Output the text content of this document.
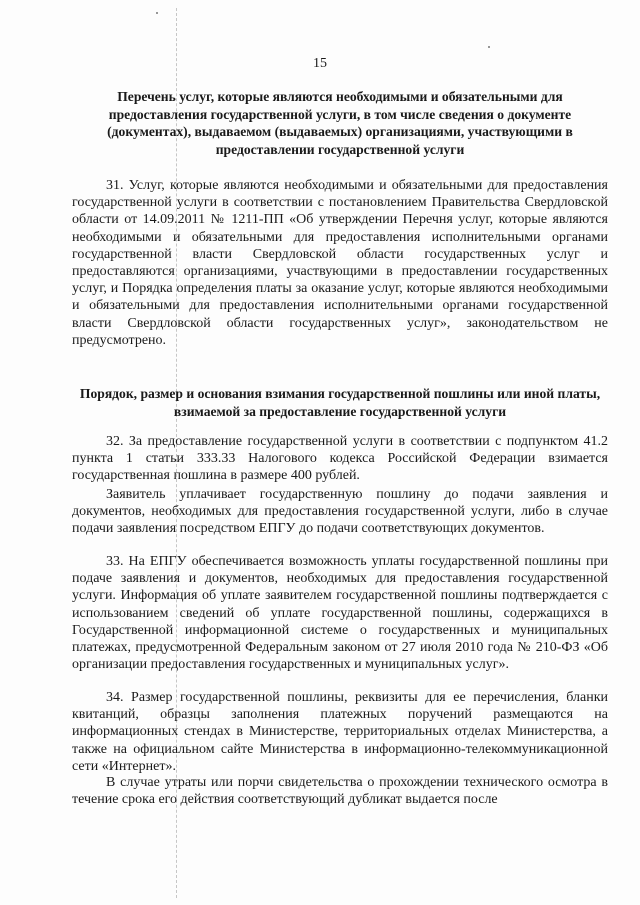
15
Перечень услуг, которые являются необходимыми и обязательными для предоставления государственной услуги, в том числе сведения о документе (документах), выдаваемом (выдаваемых) организациями, участвующими в предоставлении государственной услуги

31. Услуг, которые являются необходимыми и обязательными для предоставления государственной услуги в соответствии с постановлением Правительства Свердловской области от 14.09.2011 № 1211-ПП «Об утверждении Перечня услуг, которые являются необходимыми и обязательными для предоставления исполнительными органами государственной власти Свердловской области государственных услуг и предоставляются организациями, участвующими в предоставлении государственных услуг, и Порядка определения платы за оказание услуг, которые являются необходимыми и обязательными для предоставления исполнительными органами государственной власти Свердловской области государственных услуг», законодательством не предусмотрено.

Порядок, размер и основания взимания государственной пошлины или иной платы, взимаемой за предоставление государственной услуги

32. За предоставление государственной услуги в соответствии с подпунктом 41.2 пункта 1 статьи 333.33 Налогового кодекса Российской Федерации взимается государственная пошлина в размере 400 рублей.

Заявитель уплачивает государственную пошлину до подачи заявления и документов, необходимых для предоставления государственной услуги, либо в случае подачи заявления посредством ЕПГУ до подачи соответствующих документов.

33. На ЕПГУ обеспечивается возможность уплаты государственной пошлины при подаче заявления и документов, необходимых для предоставления государственной услуги. Информация об уплате заявителем государственной пошлины подтверждается с использованием сведений об уплате государственной пошлины, содержащихся в Государственной информационной системе о государственных и муниципальных платежах, предусмотренной Федеральным законом от 27 июля 2010 года № 210-ФЗ «Об организации предоставления государственных и муниципальных услуг».

34. Размер государственной пошлины, реквизиты для ее перечисления, бланки квитанций, образцы заполнения платежных поручений размещаются на информационных стендах в Министерстве, территориальных отделах Министерства, а также на официальном сайте Министерства в информационно-телекоммуникационной сети «Интернет».

В случае утраты или порчи свидетельства о прохождении технического осмотра в течение срока его действия соответствующий дубликат выдается после
